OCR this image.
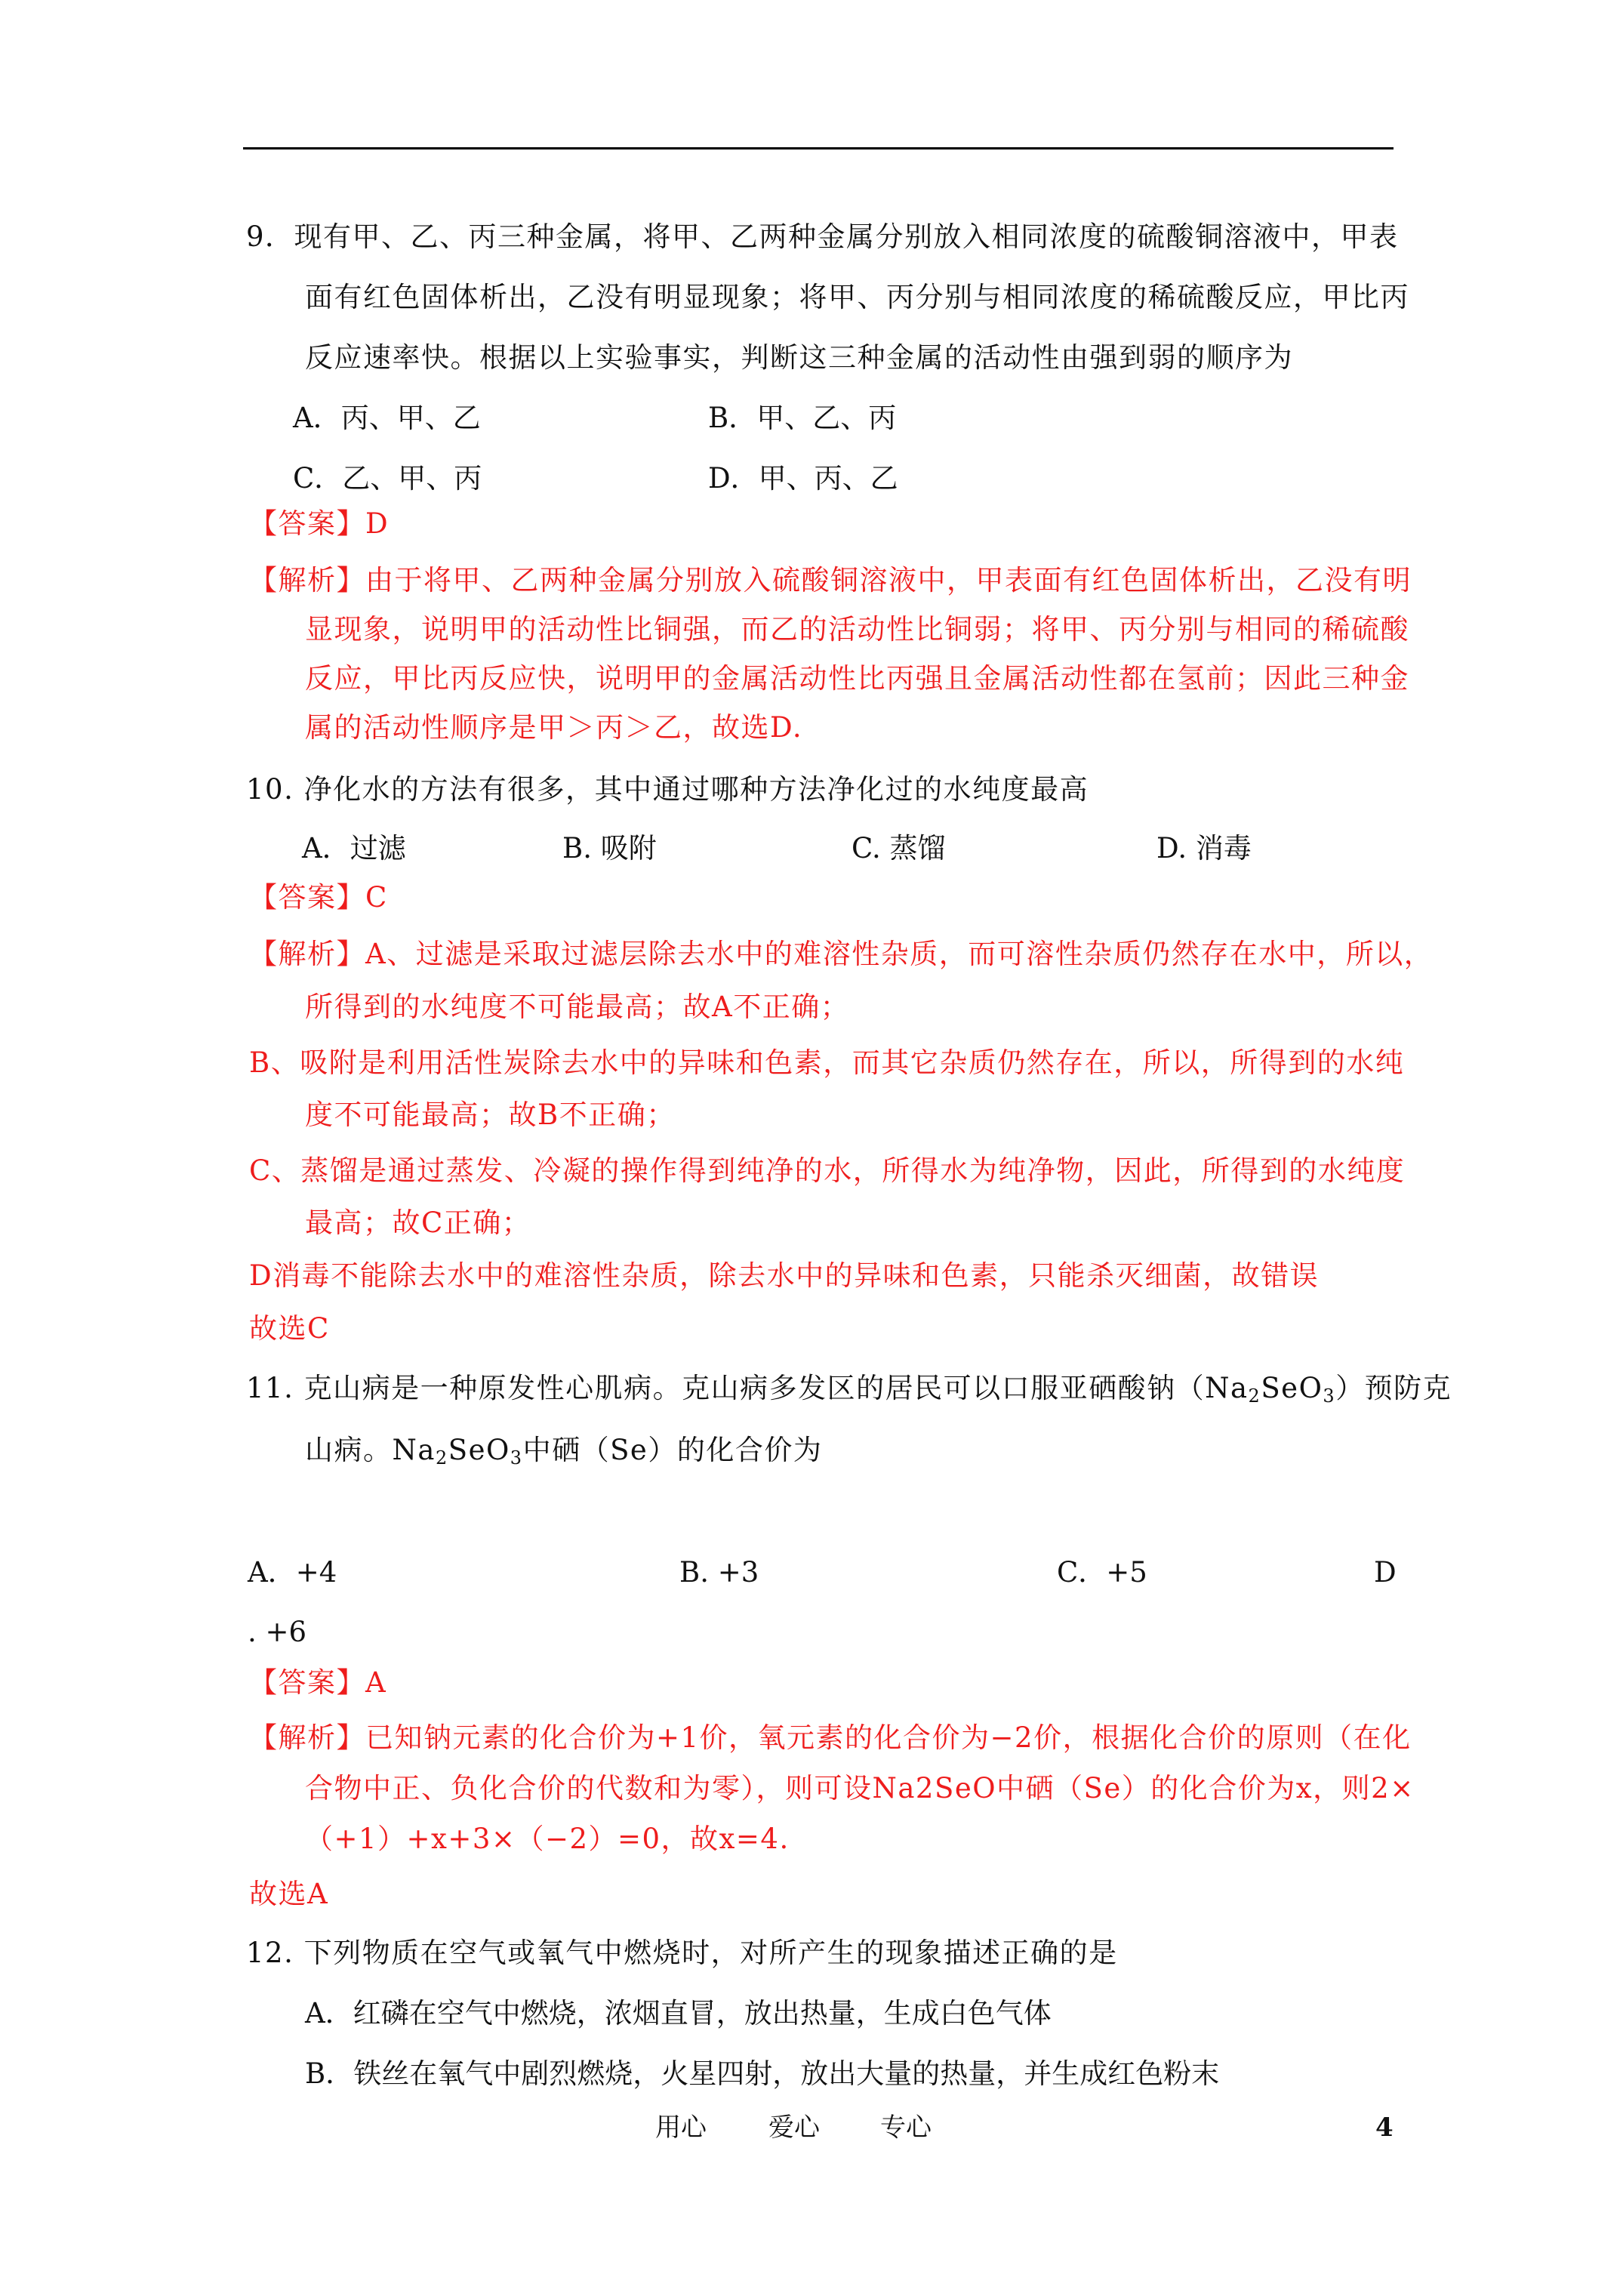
9．现有甲、乙、丙三种金属，将甲、乙两种金属分别放入相同浓度的硫酸铜溶液中，甲表
面有红色固体析出，乙没有明显现象；将甲、丙分别与相同浓度的稀硫酸反应，甲比丙
反应速率快。根据以上实验事实，判断这三种金属的活动性由强到弱的顺序为
A．丙、甲、乙	B．甲、乙、丙
C．乙、甲、丙	D．甲、丙、乙
【答案】D
【解析】由于将甲、乙两种金属分别放入硫酸铜溶液中，甲表面有红色固体析出，乙没有明
显现象，说明甲的活动性比铜强，而乙的活动性比铜弱；将甲、丙分别与相同的稀硫酸
反应，甲比丙反应快，说明甲的金属活动性比丙强且金属活动性都在氢前；因此三种金
属的活动性顺序是甲＞丙＞乙，故选D.
10. 净化水的方法有很多，其中通过哪种方法净化过的水纯度最高
A．过滤	B. 吸附	C. 蒸馏	D. 消毒
【答案】C
【解析】A、过滤是采取过滤层除去水中的难溶性杂质，而可溶性杂质仍然存在水中，所以，
所得到的水纯度不可能最高；故A不正确；
B、吸附是利用活性炭除去水中的异味和色素，而其它杂质仍然存在，所以，所得到的水纯
度不可能最高；故B不正确；
C、蒸馏是通过蒸发、冷凝的操作得到纯净的水，所得水为纯净物，因此，所得到的水纯度
最高；故C正确；
D消毒不能除去水中的难溶性杂质，除去水中的异味和色素，只能杀灭细菌，故错误
故选C
11. 克山病是一种原发性心肌病。克山病多发区的居民可以口服亚硒酸钠$(Na_2SeO_3)$预防克
山病。$Na_2SeO_3$中硒（Se）的化合价为
A．+4	B. +3	C．+5	D
. +6
【答案】A
【解析】已知钠元素的化合价为+1价，氧元素的化合价为−2价，根据化合价的原则（在化
合物中正、负化合价的代数和为零），则可设Na2SeO中硒（Se）的化合价为x，则2×
（+1）+x+3×（−2）=0，故x=4.
故选A
12. 下列物质在空气或氧气中燃烧时，对所产生的现象描述正确的是
A．红磷在空气中燃烧，浓烟直冒，放出热量，生成白色气体
B．铁丝在氧气中剧烈燃烧，火星四射，放出大量的热量，并生成红色粉末
用心 爱心 专心	4
